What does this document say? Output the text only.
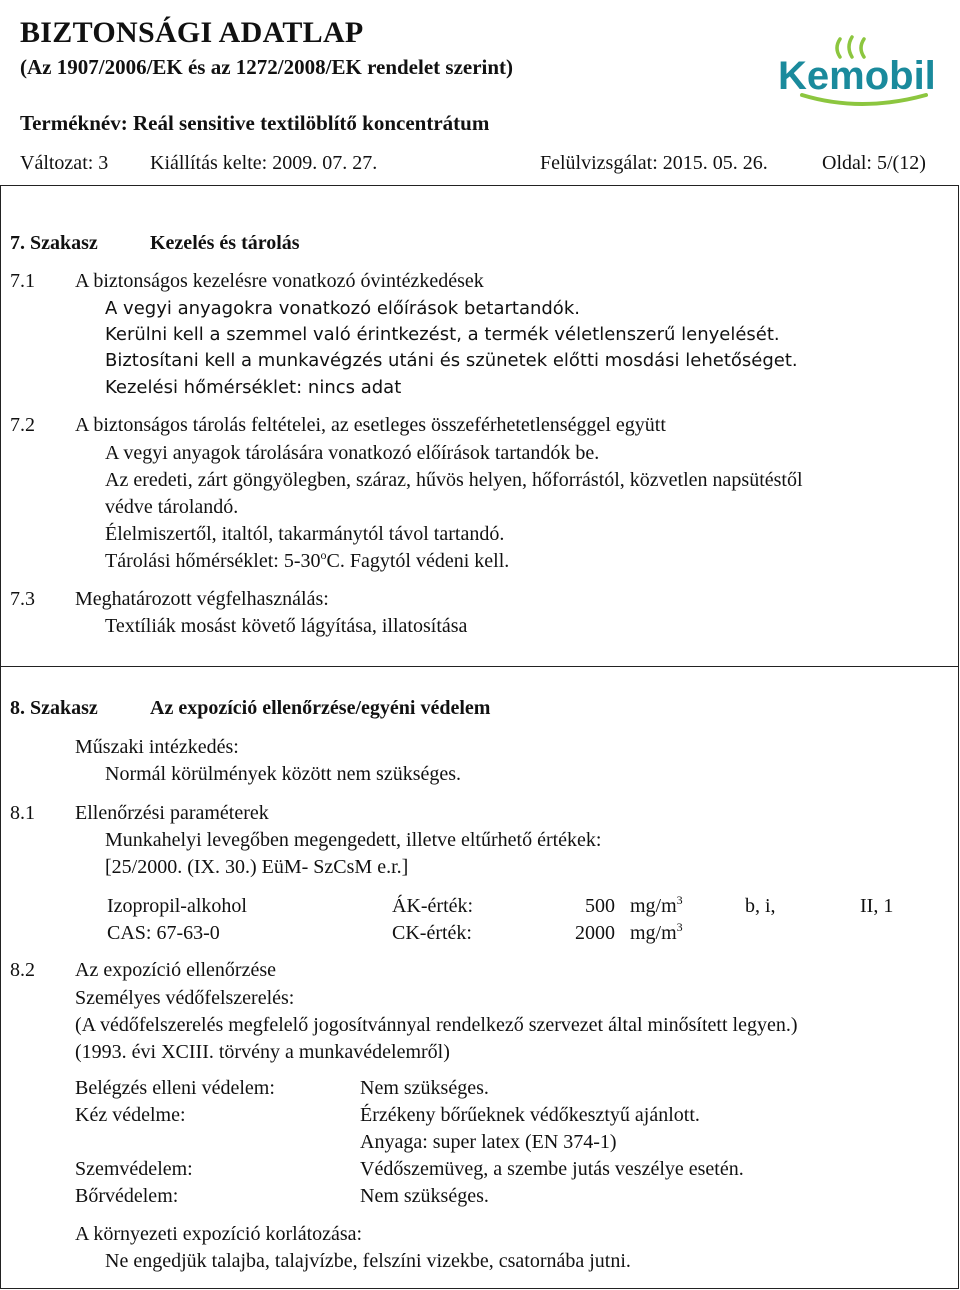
BIZTONSÁGI ADATLAP
(Az 1907/2006/EK és az 1272/2008/EK rendelet szerint)
Terméknév: Reál sensitive textilöblítő koncentrátum
Változat: 3 Kiállítás kelte: 2009. 07. 27.	Felülvizsgálat: 2015. 05. 26.	Oldal: 5/(12)
Kemobil
7. Szakasz	Kezelés és tárolás
7.1 A biztonságos kezelésre vonatkozó óvintézkedések
A vegyi anyagokra vonatkozó előírások betartandók.
Kerülni kell a szemmel való érintkezést, a termék véletlenszerű lenyelését.
Biztosítani kell a munkavégzés utáni és szünetek előtti mosdási lehetőséget.
Kezelési hőmérséklet: nincs adat
7.2 A biztonságos tárolás feltételei, az esetleges összeférhetetlenséggel együtt
A vegyi anyagok tárolására vonatkozó előírások tartandók be.
Az eredeti, zárt göngyölegben, száraz, hűvös helyen, hőforrástól, közvetlen napsütéstől
védve tárolandó.
Élelmiszertől, italtól, takarmánytól távol tartandó.
Tárolási hőmérséklet: 5-30$^o$C. Fagytól védeni kell.
7.3 Meghatározott végfelhasználás:
Textíliák mosást követő lágyítása, illatosítása
8. Szakasz	Az expozíció ellenőrzése/egyéni védelem
Műszaki intézkedés:
Normál körülmények között nem szükséges.
8.1 Ellenőrzési paraméterek
Munkahelyi levegőben megengedett, illetve eltűrhető értékek:
[25/2000. (IX. 30.) EüM- SzCsM e.r.]
Izopropil-alkohol	ÁK-érték:	500 $mg/m^3$	b, i,	II, 1
CAS: 67-63-0	CK-érték:	2000 $mg/m^3$
8.2 Az expozíció ellenőrzése
Személyes védőfelszerelés:
(A védőfelszerelés megfelelő jogosítvánnyal rendelkező szervezet által minősített legyen.)
(1993. évi XCIII. törvény a munkavédelemről)
Belégzés elleni védelem:	Nem szükséges.
Kéz védelme:	Érzékeny bőrűeknek védőkesztyű ajánlott.
Anyaga: super latex (EN 374-1)
Szemvédelem:	Védőszemüveg, a szembe jutás veszélye esetén.
Bőrvédelem:	Nem szükséges.
A környezeti expozíció korlátozása:
Ne engedjük talajba, talajvízbe, felszíni vizekbe, csatornába jutni.
